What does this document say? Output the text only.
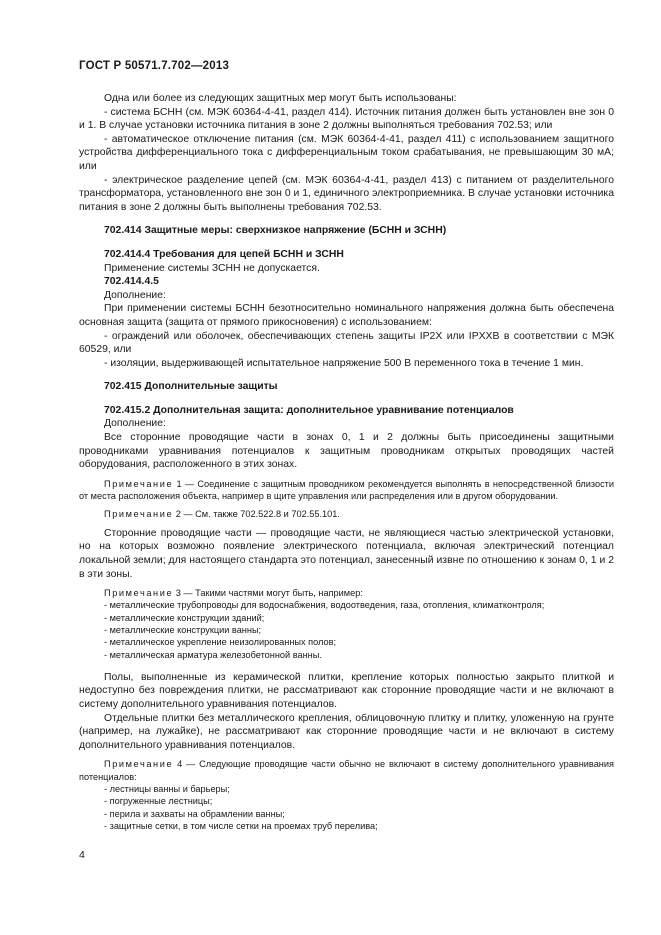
ГОСТ Р 50571.7.702—2013

Одна или более из следующих защитных мер могут быть использованы:

- система БСНН (см. МЭК 60364-4-41, раздел 414). Источник питания должен быть установлен вне зон 0 и 1. В случае установки источника питания в зоне 2 должны выполняться требования 702.53; или

- автоматическое отключение питания (см. МЭК 60364-4-41, раздел 411) с использованием защитного устройства дифференциального тока с дифференциальным током срабатывания, не превышающим 30 мА; или

- электрическое разделение цепей (см. МЭК 60364-4-41, раздел 413) с питанием от разделительного трансформатора, установленного вне зон 0 и 1, единичного электроприемника. В случае установки источника питания в зоне 2 должны быть выполнены требования 702.53.

702.414 Защитные меры: сверхнизкое напряжение (БСНН и ЗСНН)

702.414.4 Требования для цепей БСНН и ЗСНН

Применение системы ЗСНН не допускается.

702.414.4.5

Дополнение:

При применении системы БСНН безотносительно номинального напряжения должна быть обеспечена основная защита (защита от прямого прикосновения) с использованием:

- ограждений или оболочек, обеспечивающих степень защиты IP2X или IPXXB в соответствии с МЭК 60529, или

- изоляции, выдерживающей испытательное напряжение 500 В переменного тока в течение 1 мин.

702.415 Дополнительные защиты

702.415.2 Дополнительная защита: дополнительное уравнивание потенциалов

Дополнение:

Все сторонние проводящие части в зонах 0, 1 и 2 должны быть присоединены защитными проводниками уравнивания потенциалов к защитным проводникам открытых проводящих частей оборудования, расположенного в этих зонах.

Примечание 1 — Соединение с защитным проводником рекомендуется выполнять в непосредственной близости от места расположения объекта, например в щите управления или распределения или в другом оборудовании.

Примечание 2 — См. также 702.522.8 и 702.55.101.

Сторонние проводящие части — проводящие части, не являющиеся частью электрической установки, но на которых возможно появление электрического потенциала, включая электрический потенциал локальной земли; для настоящего стандарта это потенциал, занесенный извне по отношению к зонам 0, 1 и 2 в эти зоны.

Примечание 3 — Такими частями могут быть, например:

- металлические трубопроводы для водоснабжения, водоотведения, газа, отопления, климатконтроля;

- металлические конструкции зданий;

- металлические конструкции ванны;

- металлическое укрепление неизолированных полов;

- металлическая арматура железобетонной ванны.

Полы, выполненные из керамической плитки, крепление которых полностью закрыто плиткой и недоступно без повреждения плитки, не рассматривают как сторонние проводящие части и не включают в систему дополнительного уравнивания потенциалов.

Отдельные плитки без металлического крепления, облицовочную плитку и плитку, уложенную на грунте (например, на лужайке), не рассматривают как сторонние проводящие части и не включают в систему дополнительного уравнивания потенциалов.

Примечание 4 — Следующие проводящие части обычно не включают в систему дополнительного уравнивания потенциалов:

- лестницы ванны и барьеры;

- погруженные лестницы;

- перила и захваты на обрамлении ванны;

- защитные сетки, в том числе сетки на проемах труб перелива;

4
